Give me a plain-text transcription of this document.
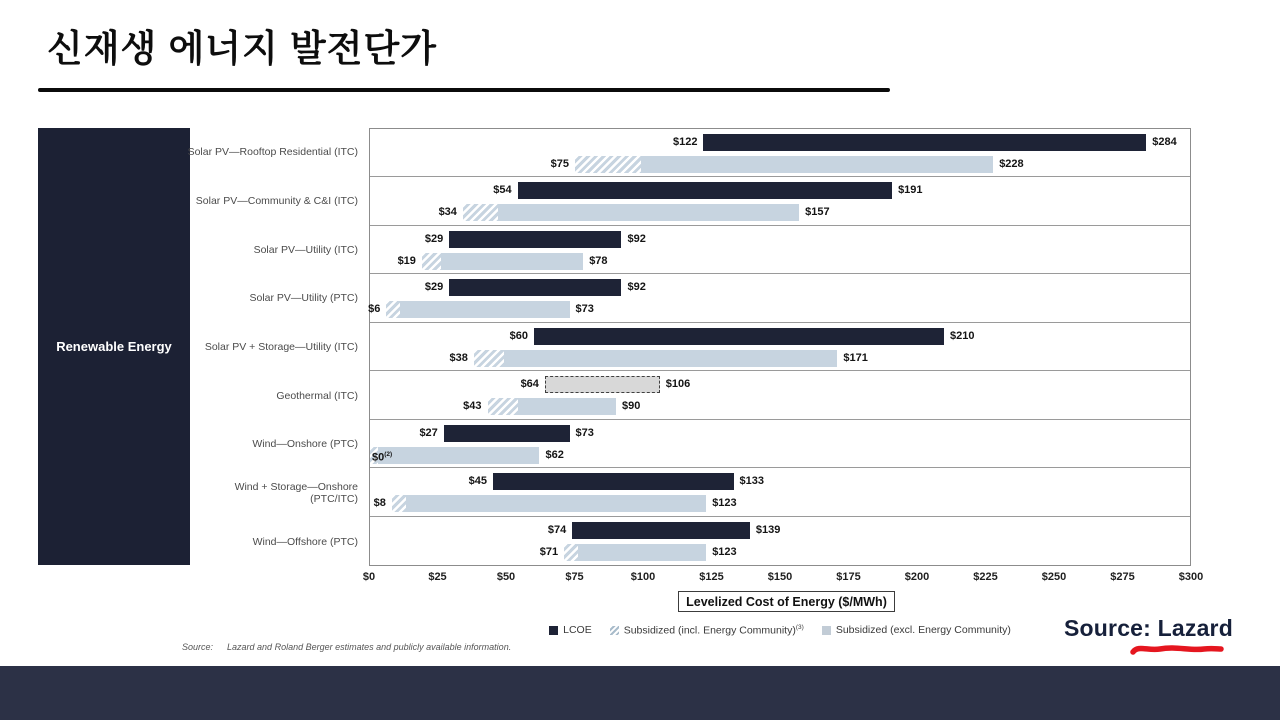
신재생 에너지 발전단가
Renewable Energy
Solar PV—Rooftop Residential (ITC)
Solar PV—Community & C&I (ITC)
Solar PV—Utility (ITC)
Solar PV—Utility (PTC)
Solar PV + Storage—Utility (ITC)
Geothermal (ITC)
Wind—Onshore (PTC)
Wind + Storage—Onshore (PTC/ITC)
Wind—Offshore (PTC)
$122	$284
$75	$228
$54	$191
$34	$157
$29	$92
$19	$78
$29	$92
$6	$73
$60	$210
$38	$171
$64	$106
$43	$90
$27	$73
$0$^{(2)}$	$62
$45	$133
$8	$123
$74	$139
$71	$123
$0	$25	$50	$75	$100	$125	$150	$175	$200	$225	$250	$275	$300
Levelized Cost of Energy ($/MWh)
LCOE	Subsidized (incl. Energy Community)$^{(3)}$	Subsidized (excl. Energy Community)
Source: Lazard and Roland Berger estimates and publicly available information.
Source: Lazard
